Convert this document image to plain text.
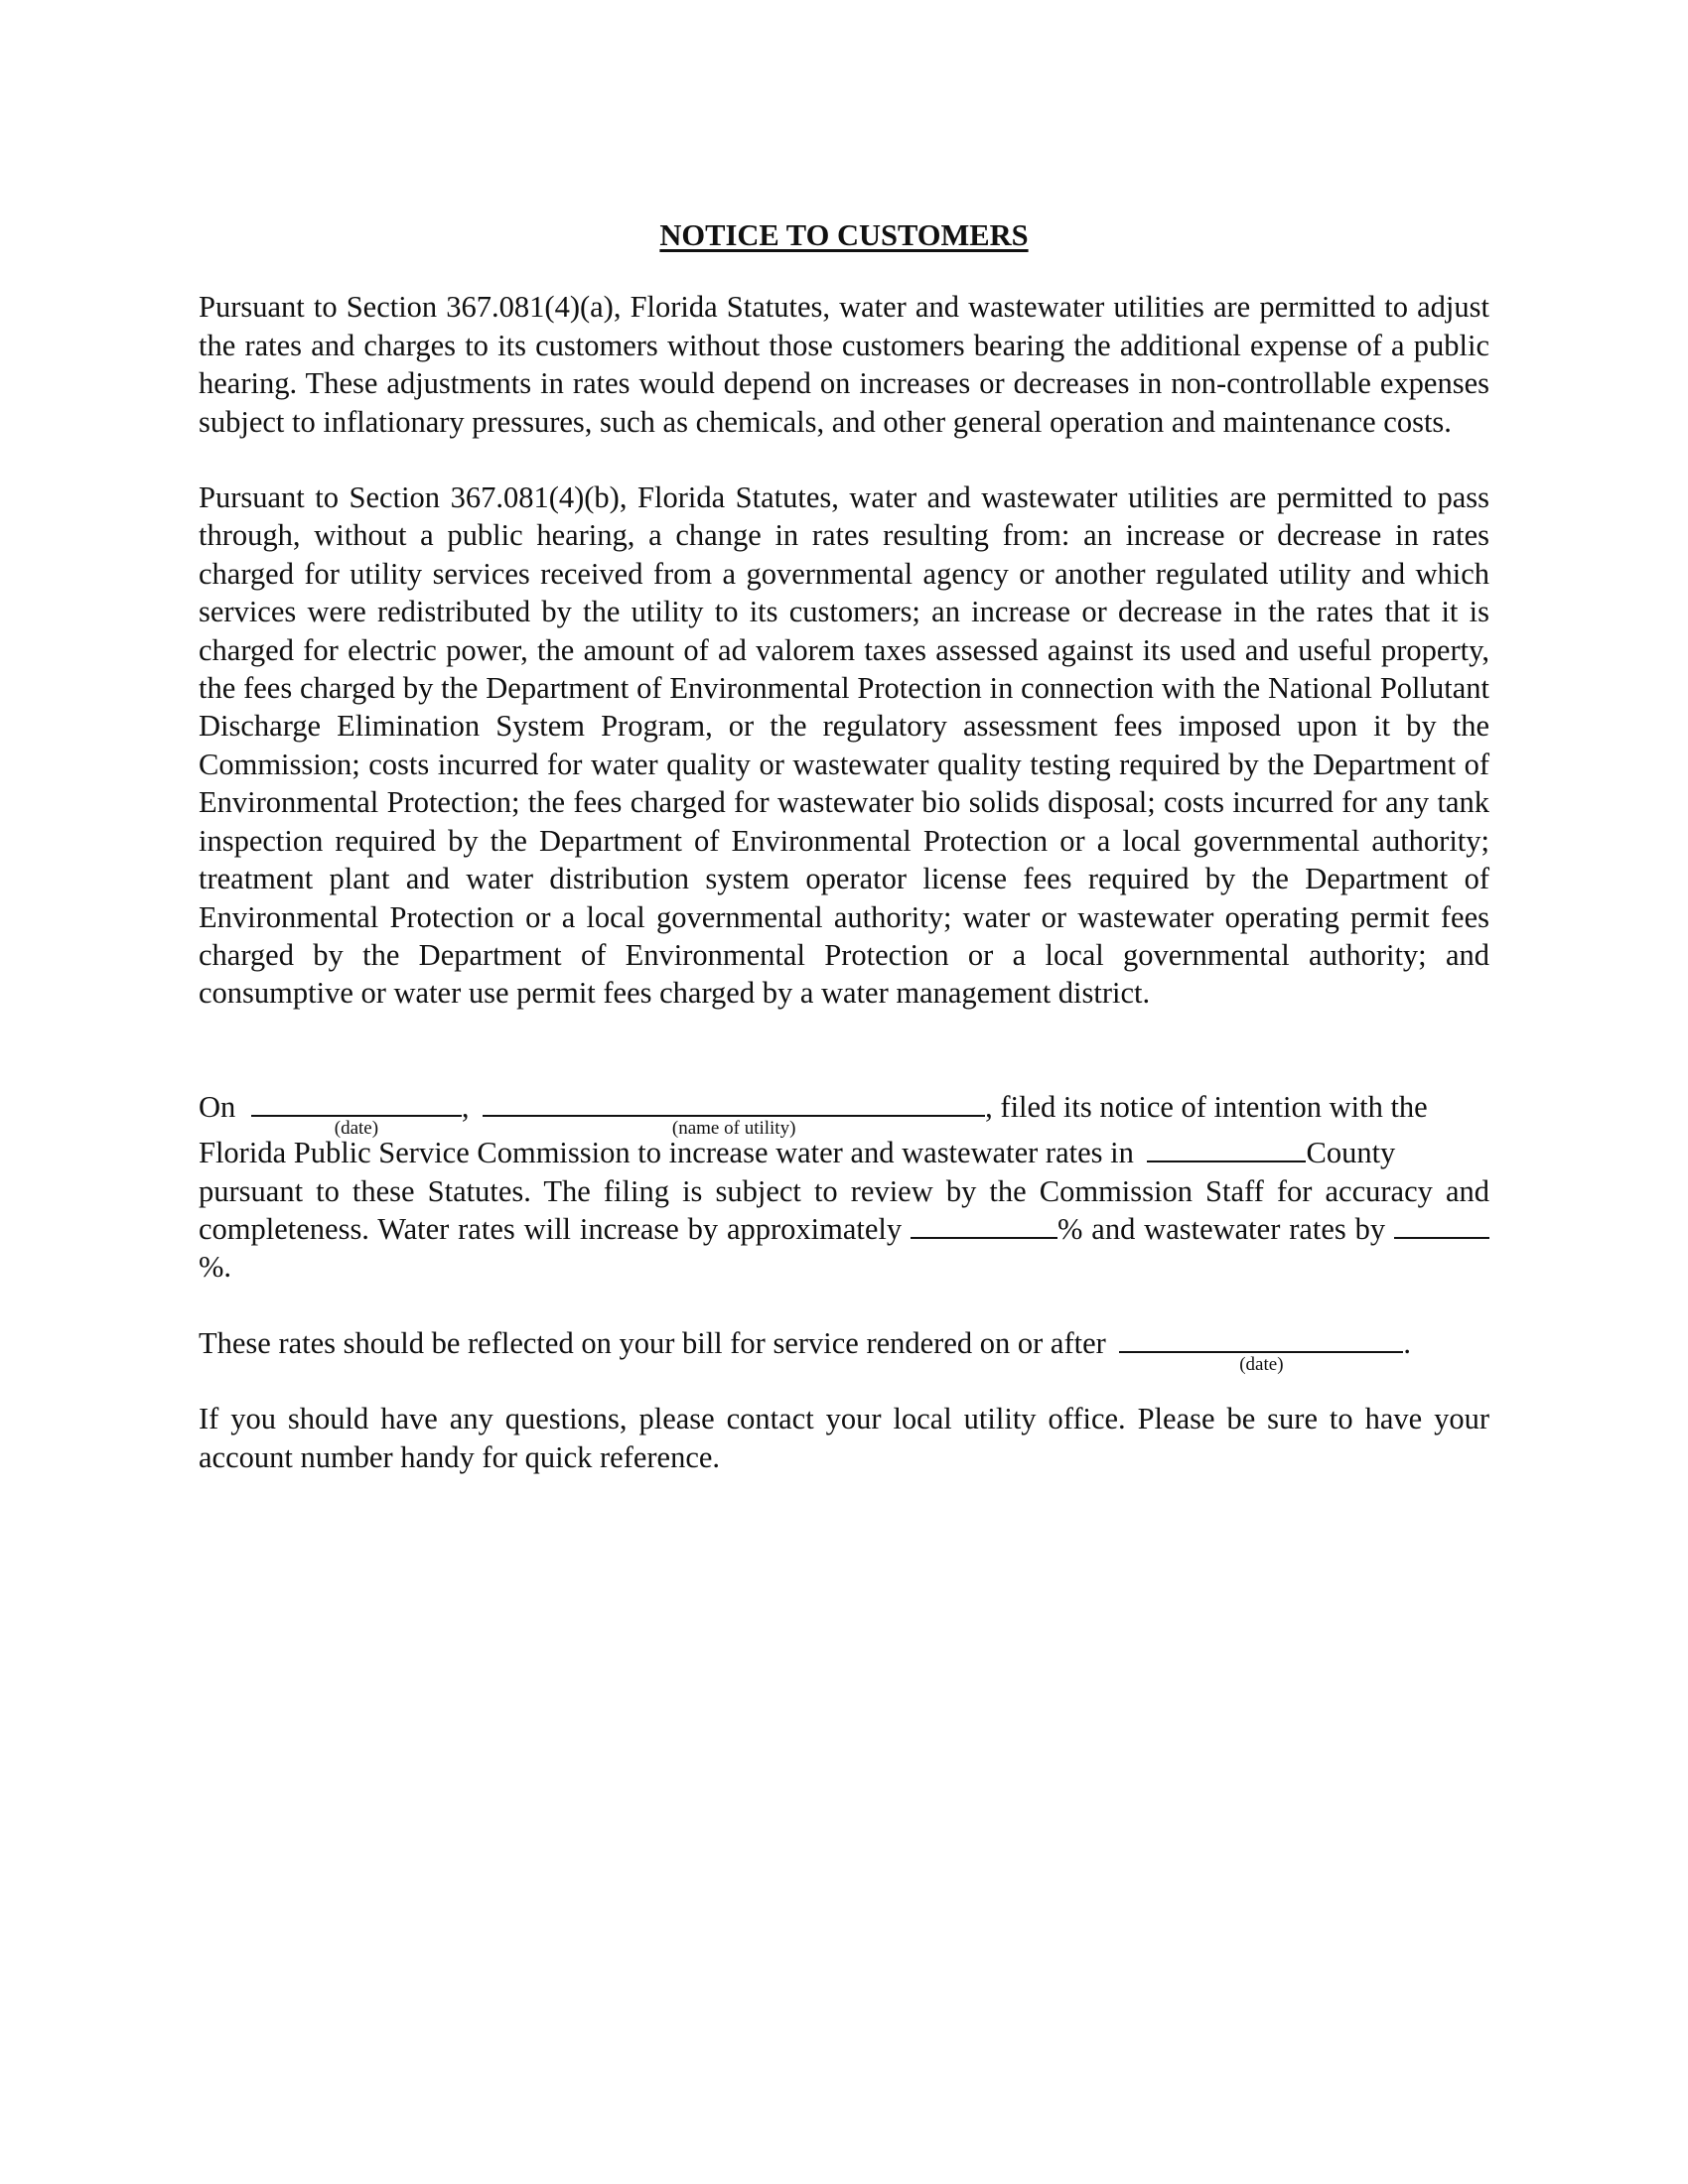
NOTICE TO CUSTOMERS

Pursuant to Section 367.081(4)(a), Florida Statutes, water and wastewater utilities are permitted to adjust the rates and charges to its customers without those customers bearing the additional expense of a public hearing. These adjustments in rates would depend on increases or decreases in non-controllable expenses subject to inflationary pressures, such as chemicals, and other general operation and maintenance costs.

Pursuant to Section 367.081(4)(b), Florida Statutes, water and wastewater utilities are permitted to pass through, without a public hearing, a change in rates resulting from: an increase or decrease in rates charged for utility services received from a governmental agency or another regulated utility and which services were redistributed by the utility to its customers; an increase or decrease in the rates that it is charged for electric power, the amount of ad valorem taxes assessed against its used and useful property, the fees charged by the Department of Environmental Protection in connection with the National Pollutant Discharge Elimination System Program, or the regulatory assessment fees imposed upon it by the Commission; costs incurred for water quality or wastewater quality testing required by the Department of Environmental Protection; the fees charged for wastewater bio solids disposal; costs incurred for any tank inspection required by the Department of Environmental Protection or a local governmental authority; treatment plant and water distribution system operator license fees required by the Department of Environmental Protection or a local governmental authority; water or wastewater operating permit fees charged by the Department of Environmental Protection or a local governmental authority; and consumptive or water use permit fees charged by a water management district.

On
(date)
,
(name of utility)
, filed its notice of intention with the
Florida Public Service Commission to increase water and wastewater rates in	County
pursuant to these Statutes. The filing is subject to review by the Commission Staff for accuracy and completeness. Water rates will increase by approximately	% and wastewater rates by %.
These rates should be reflected on your bill for service rendered on or after
(date)
.

If you should have any questions, please contact your local utility office. Please be sure to have your account number handy for quick reference.
